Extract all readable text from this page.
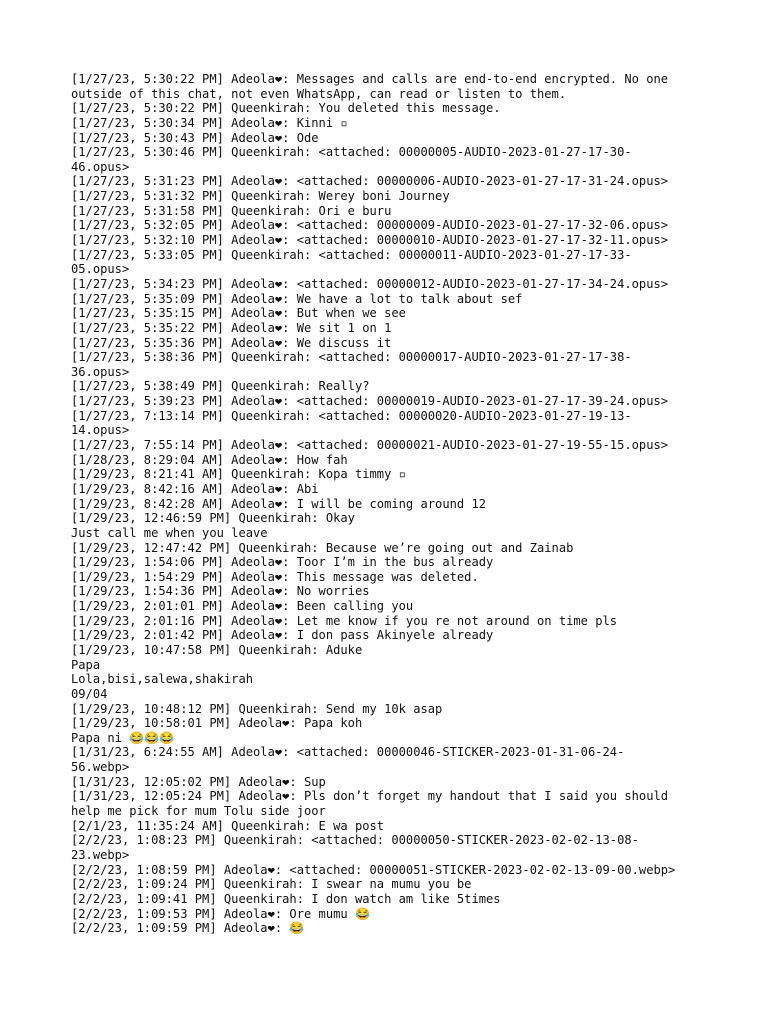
[1/27/23, 5:30:22 PM] Adeola❤: Messages and calls are end-to-end encrypted. No one
outside of this chat, not even WhatsApp, can read or listen to them.
[1/27/23, 5:30:22 PM] Queenkirah: You deleted this message.
[1/27/23, 5:30:34 PM] Adeola❤: Kinni ▫
[1/27/23, 5:30:43 PM] Adeola❤: Ode
[1/27/23, 5:30:46 PM] Queenkirah: <attached: 00000005-AUDIO-2023-01-27-17-30-
46.opus>
[1/27/23, 5:31:23 PM] Adeola❤: <attached: 00000006-AUDIO-2023-01-27-17-31-24.opus>
[1/27/23, 5:31:32 PM] Queenkirah: Werey boni Journey
[1/27/23, 5:31:58 PM] Queenkirah: Ori e buru
[1/27/23, 5:32:05 PM] Adeola❤: <attached: 00000009-AUDIO-2023-01-27-17-32-06.opus>
[1/27/23, 5:32:10 PM] Adeola❤: <attached: 00000010-AUDIO-2023-01-27-17-32-11.opus>
[1/27/23, 5:33:05 PM] Queenkirah: <attached: 00000011-AUDIO-2023-01-27-17-33-
05.opus>
[1/27/23, 5:34:23 PM] Adeola❤: <attached: 00000012-AUDIO-2023-01-27-17-34-24.opus>
[1/27/23, 5:35:09 PM] Adeola❤: We have a lot to talk about sef
[1/27/23, 5:35:15 PM] Adeola❤: But when we see
[1/27/23, 5:35:22 PM] Adeola❤: We sit 1 on 1
[1/27/23, 5:35:36 PM] Adeola❤: We discuss it
[1/27/23, 5:38:36 PM] Queenkirah: <attached: 00000017-AUDIO-2023-01-27-17-38-
36.opus>
[1/27/23, 5:38:49 PM] Queenkirah: Really?
[1/27/23, 5:39:23 PM] Adeola❤: <attached: 00000019-AUDIO-2023-01-27-17-39-24.opus>
[1/27/23, 7:13:14 PM] Queenkirah: <attached: 00000020-AUDIO-2023-01-27-19-13-
14.opus>
[1/27/23, 7:55:14 PM] Adeola❤: <attached: 00000021-AUDIO-2023-01-27-19-55-15.opus>
[1/28/23, 8:29:04 AM] Adeola❤: How fah
[1/29/23, 8:21:41 AM] Queenkirah: Kopa timmy ▫
[1/29/23, 8:42:16 AM] Adeola❤: Abi
[1/29/23, 8:42:28 AM] Adeola❤: I will be coming around 12
[1/29/23, 12:46:59 PM] Queenkirah: Okay
Just call me when you leave
[1/29/23, 12:47:42 PM] Queenkirah: Because we’re going out and Zainab
[1/29/23, 1:54:06 PM] Adeola❤: Toor I’m in the bus already
[1/29/23, 1:54:29 PM] Adeola❤: This message was deleted.
[1/29/23, 1:54:36 PM] Adeola❤: No worries
[1/29/23, 2:01:01 PM] Adeola❤: Been calling you
[1/29/23, 2:01:16 PM] Adeola❤: Let me know if you re not around on time pls
[1/29/23, 2:01:42 PM] Adeola❤: I don pass Akinyele already
[1/29/23, 10:47:58 PM] Queenkirah: Aduke
Papa
Lola,bisi,salewa,shakirah
09/04
[1/29/23, 10:48:12 PM] Queenkirah: Send my 10k asap
[1/29/23, 10:58:01 PM] Adeola❤: Papa koh
Papa ni 😂😂😂
[1/31/23, 6:24:55 AM] Adeola❤: <attached: 00000046-STICKER-2023-01-31-06-24-
56.webp>
[1/31/23, 12:05:02 PM] Adeola❤: Sup
[1/31/23, 12:05:24 PM] Adeola❤: Pls don’t forget my handout that I said you should
help me pick for mum Tolu side joor
[2/1/23, 11:35:24 AM] Queenkirah: E wa post
[2/2/23, 1:08:23 PM] Queenkirah: <attached: 00000050-STICKER-2023-02-02-13-08-
23.webp>
[2/2/23, 1:08:59 PM] Adeola❤: <attached: 00000051-STICKER-2023-02-02-13-09-00.webp>
[2/2/23, 1:09:24 PM] Queenkirah: I swear na mumu you be
[2/2/23, 1:09:41 PM] Queenkirah: I don watch am like 5times
[2/2/23, 1:09:53 PM] Adeola❤: Ore mumu 😂
[2/2/23, 1:09:59 PM] Adeola❤: 😂
